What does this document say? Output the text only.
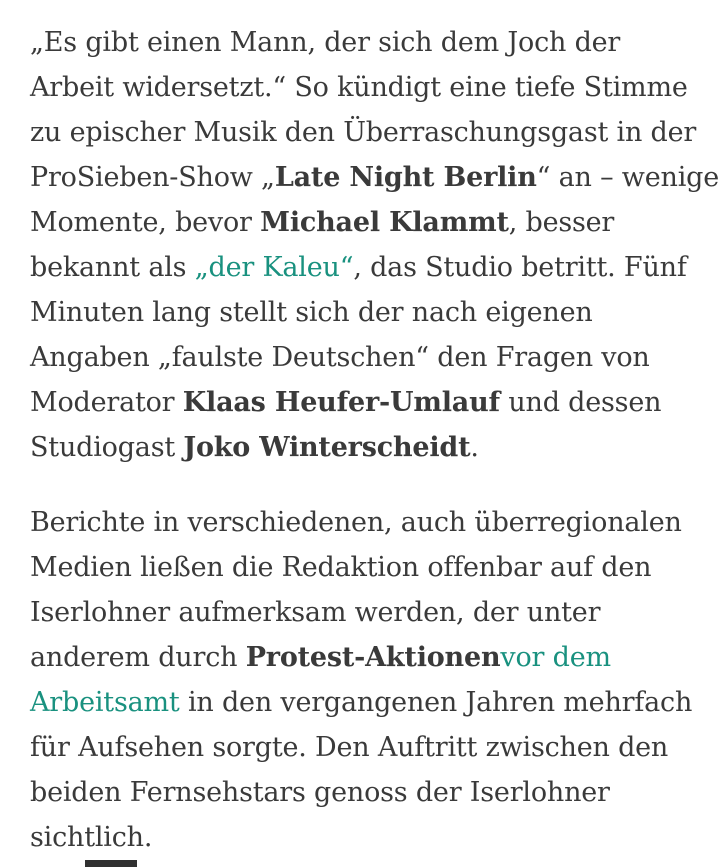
„Es gibt einen Mann, der sich dem Joch der
Arbeit widersetzt.“ So kündigt eine tiefe Stimme
zu epischer Musik den Überraschungsgast in der
ProSieben-Show „Late Night Berlin“ an – wenige
Momente, bevor Michael Klammt, besser
bekannt als „der Kaleu“, das Studio betritt. Fünf
Minuten lang stellt sich der nach eigenen
Angaben „faulste Deutschen“ den Fragen von
Moderator Klaas Heufer-Umlauf und dessen
Studiogast Joko Winterscheidt.
Berichte in verschiedenen, auch überregionalen
Medien ließen die Redaktion offenbar auf den
Iserlohner aufmerksam werden, der unter
anderem durch Protest-Aktionenvor dem
Arbeitsamt in den vergangenen Jahren mehrfach
für Aufsehen sorgte. Den Auftritt zwischen den
beiden Fernsehstars genoss der Iserlohner
sichtlich.
